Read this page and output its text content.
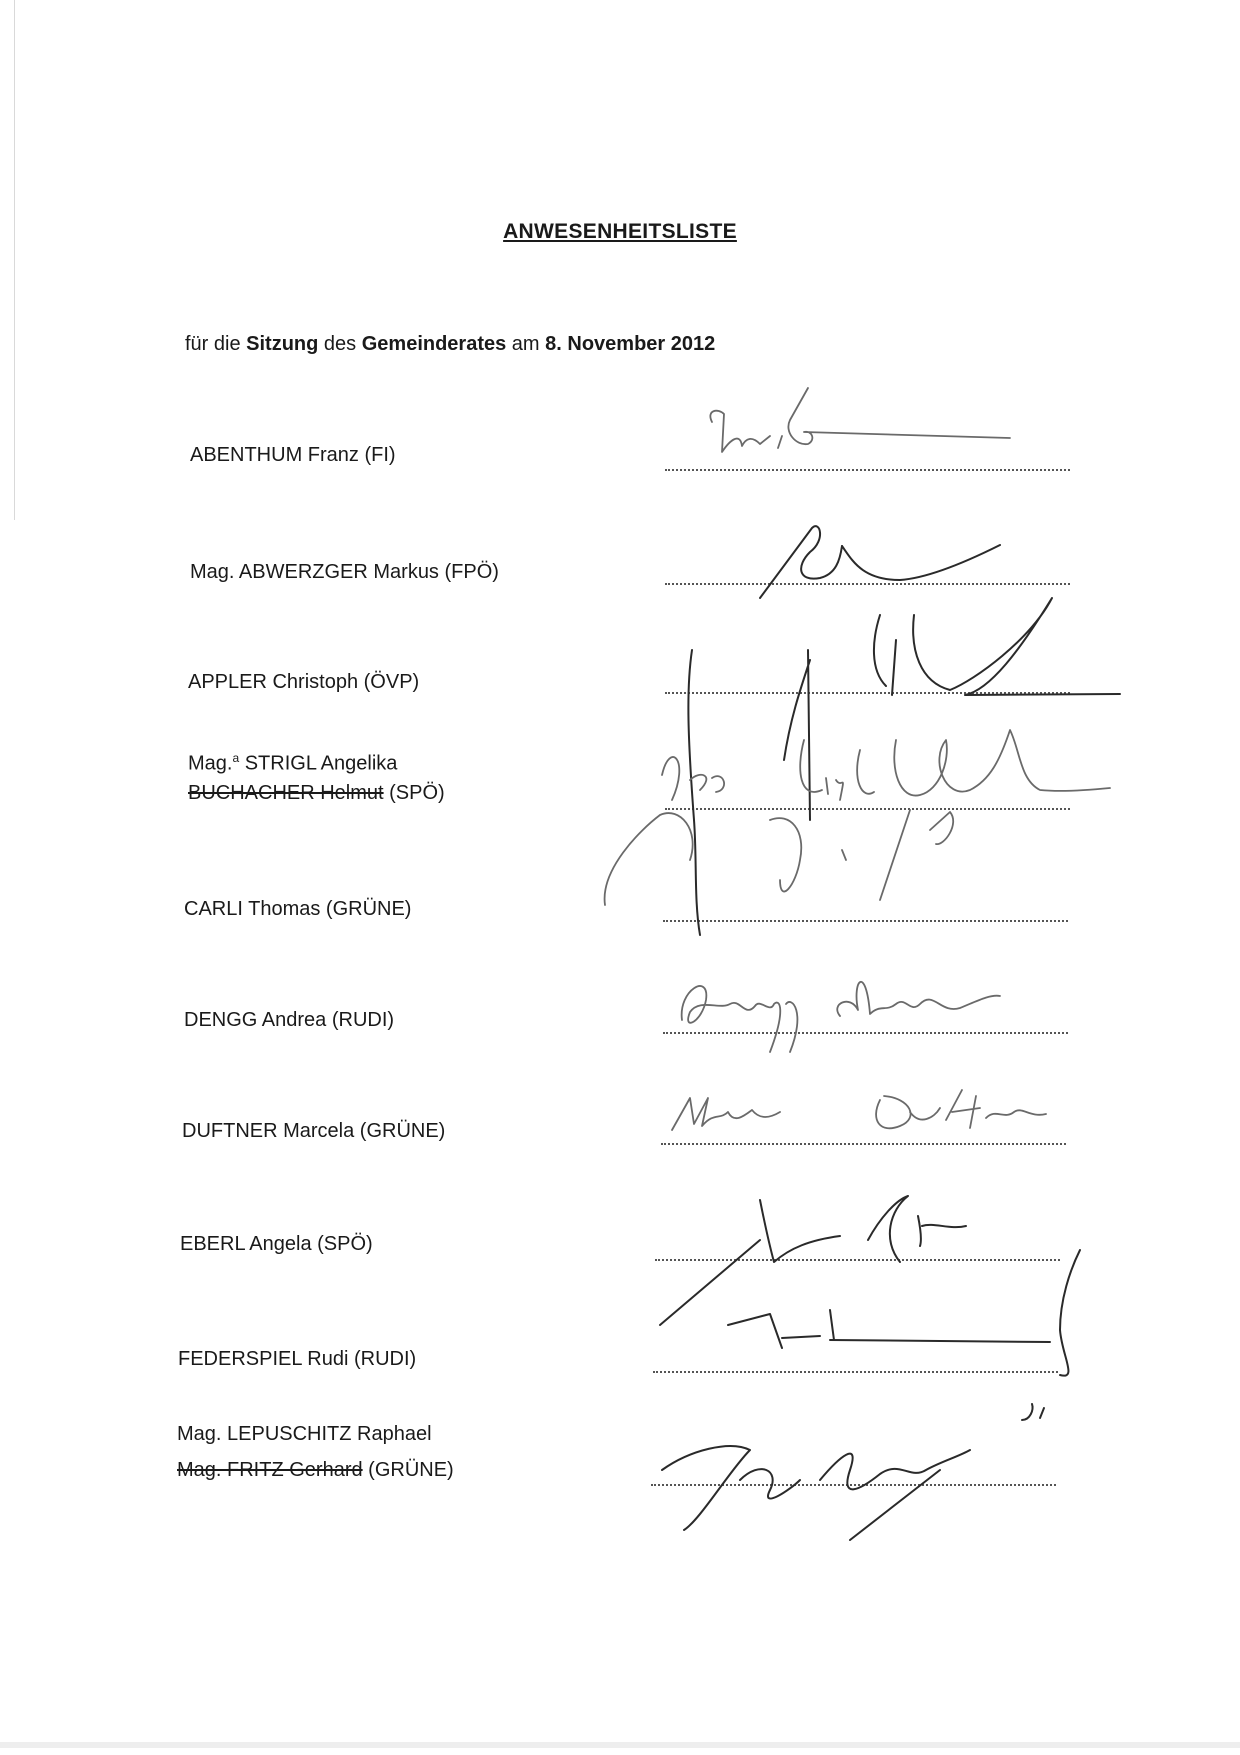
ANWESENHEITSLISTE
für die Sitzung des Gemeinderates am 8. November 2012
ABENTHUM Franz (FI)
Mag. ABWERZGER Markus (FPÖ)
APPLER Christoph (ÖVP)
Mag.$^a$ STRIGL Angelika
BUCHACHER Helmut (SPÖ)
CARLI Thomas (GRÜNE)
DENGG Andrea (RUDI)
DUFTNER Marcela (GRÜNE)
EBERL Angela (SPÖ)
FEDERSPIEL Rudi (RUDI)
Mag. LEPUSCHITZ Raphael
Mag. FRITZ Gerhard (GRÜNE)
